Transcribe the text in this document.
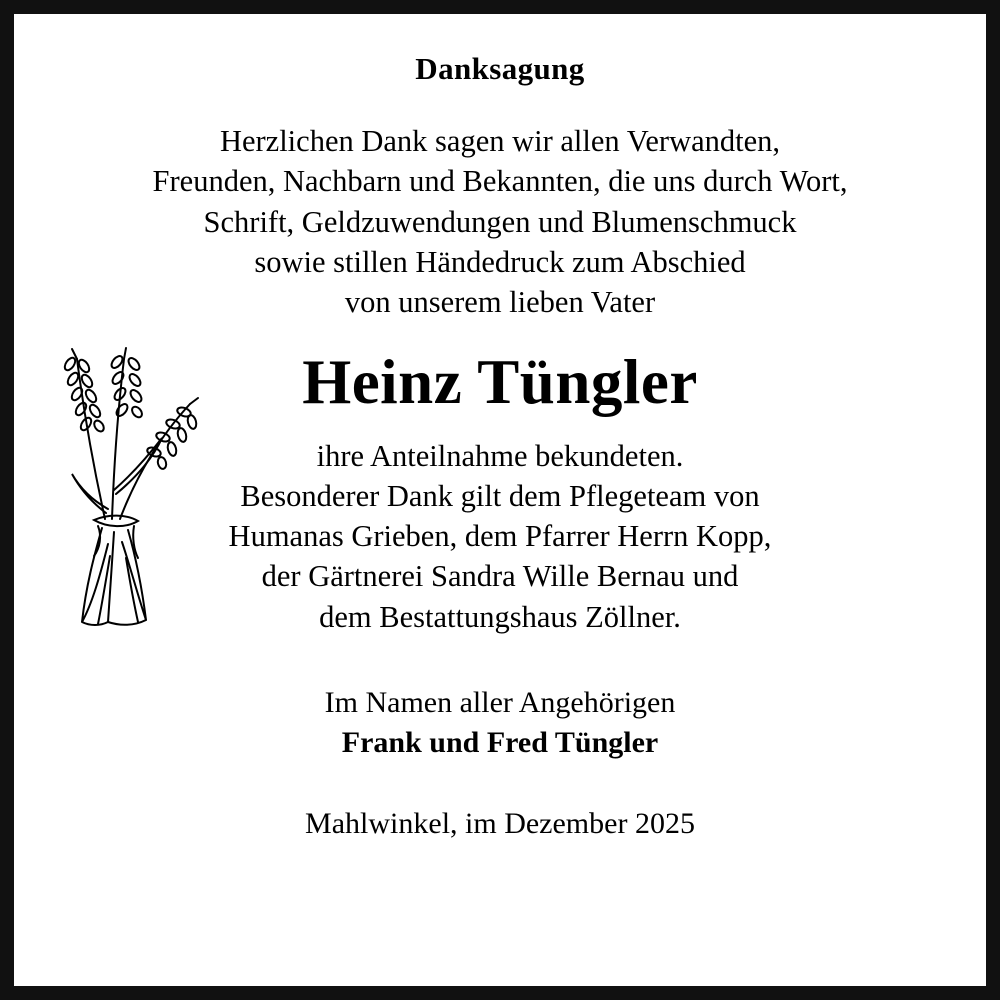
Danksagung
Herzlichen Dank sagen wir allen Verwandten,
Freunden, Nachbarn und Bekannten, die uns durch Wort,
Schrift, Geldzuwendungen und Blumenschmuck
sowie stillen Händedruck zum Abschied
von unserem lieben Vater
Heinz Tüngler
ihre Anteilnahme bekundeten.
Besonderer Dank gilt dem Pflegeteam von
Humanas Grieben, dem Pfarrer Herrn Kopp,
der Gärtnerei Sandra Wille Bernau und
dem Bestattungshaus Zöllner.
Im Namen aller Angehörigen
Frank und Fred Tüngler
Mahlwinkel, im Dezember 2025
